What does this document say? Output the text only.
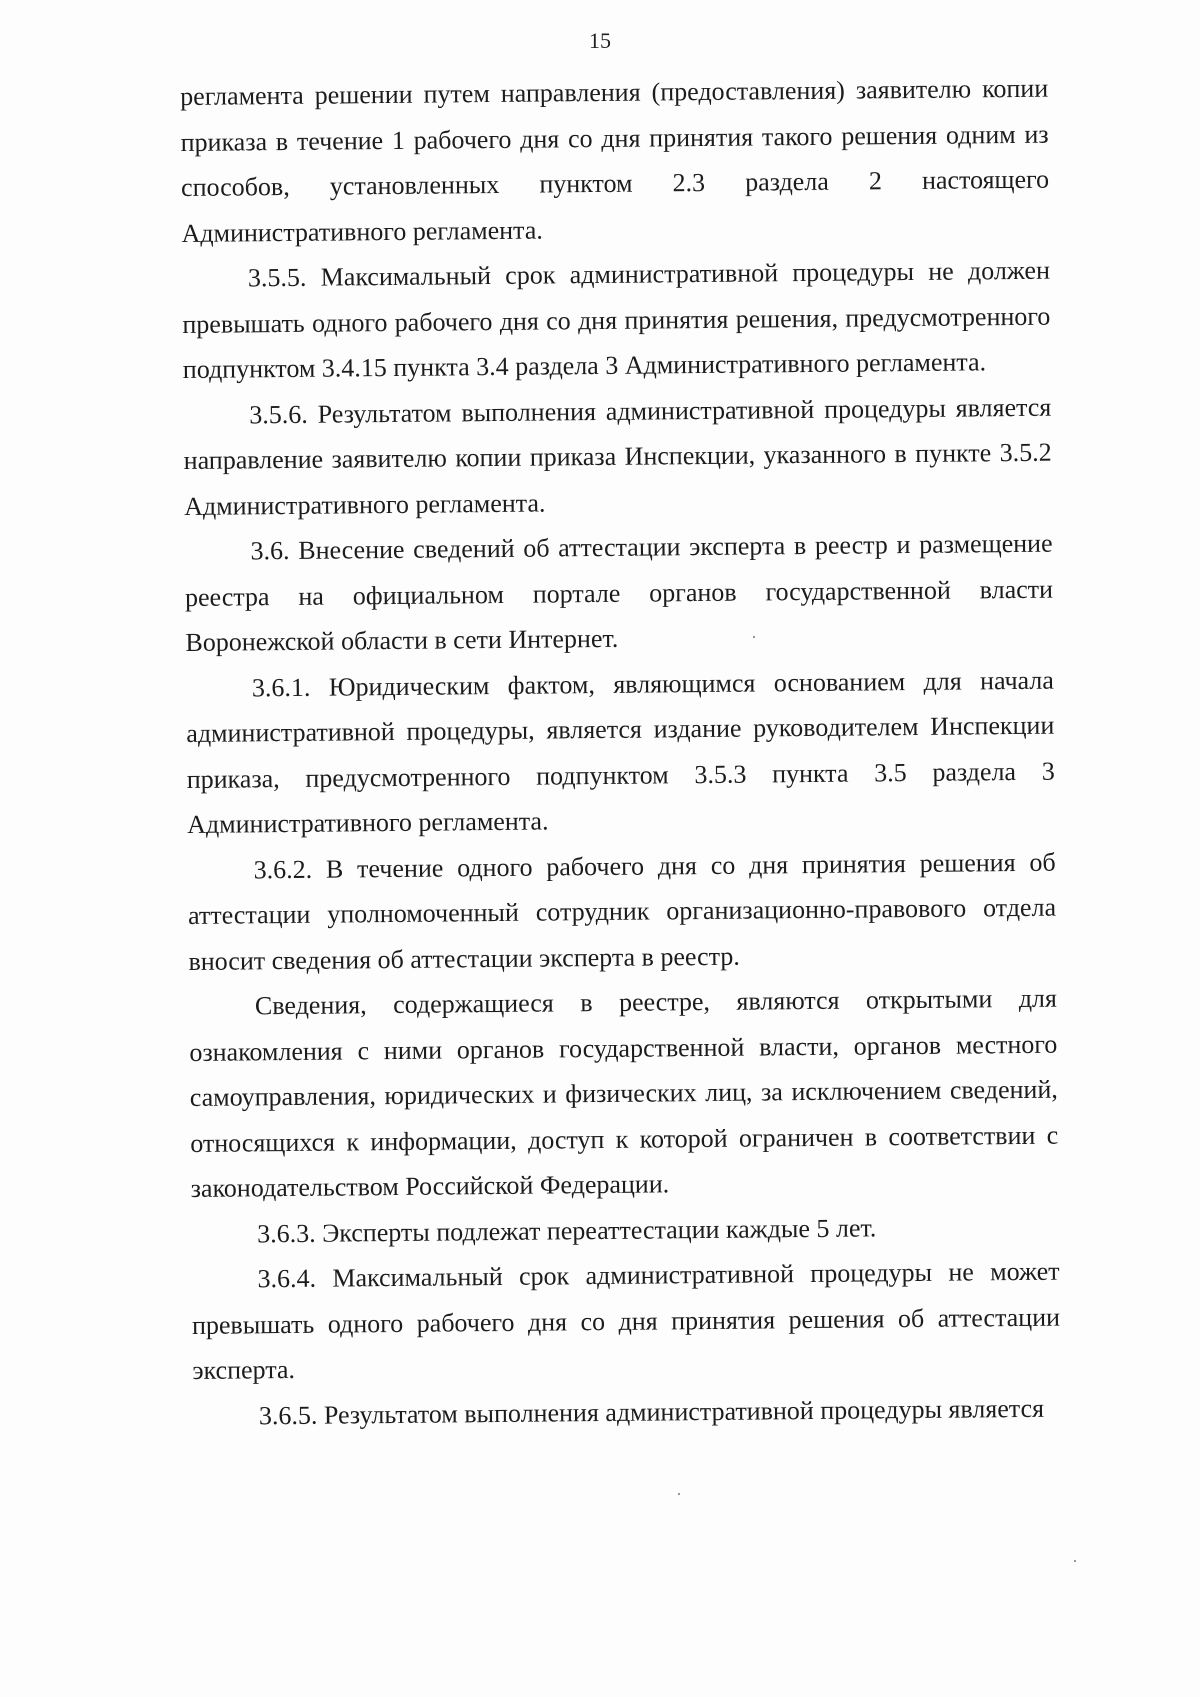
15

регламента решении путем направления (предоставления) заявителю копии приказа в течение 1 рабочего дня со дня принятия такого решения одним из способов, установленных пунктом 2.3 раздела 2 настоящего Административного регламента.

3.5.5. Максимальный срок административной процедуры не должен превышать одного рабочего дня со дня принятия решения, предусмотренного подпунктом 3.4.15 пункта 3.4 раздела 3 Административного регламента.

3.5.6. Результатом выполнения административной процедуры является направление заявителю копии приказа Инспекции, указанного в пункте 3.5.2 Административного регламента.

3.6. Внесение сведений об аттестации эксперта в реестр и размещение реестра на официальном портале органов государственной власти Воронежской области в сети Интернет.

3.6.1. Юридическим фактом, являющимся основанием для начала административной процедуры, является издание руководителем Инспекции приказа, предусмотренного подпунктом 3.5.3 пункта 3.5 раздела 3 Административного регламента.

3.6.2. В течение одного рабочего дня со дня принятия решения об аттестации уполномоченный сотрудник организационно-правового отдела вносит сведения об аттестации эксперта в реестр.

Сведения, содержащиеся в реестре, являются открытыми для ознакомления с ними органов государственной власти, органов местного самоуправления, юридических и физических лиц, за исключением сведений, относящихся к информации, доступ к которой ограничен в соответствии с законодательством Российской Федерации.

3.6.3. Эксперты подлежат переаттестации каждые 5 лет.

3.6.4. Максимальный срок административной процедуры не может превышать одного рабочего дня со дня принятия решения об аттестации эксперта.

3.6.5. Результатом выполнения административной процедуры является
